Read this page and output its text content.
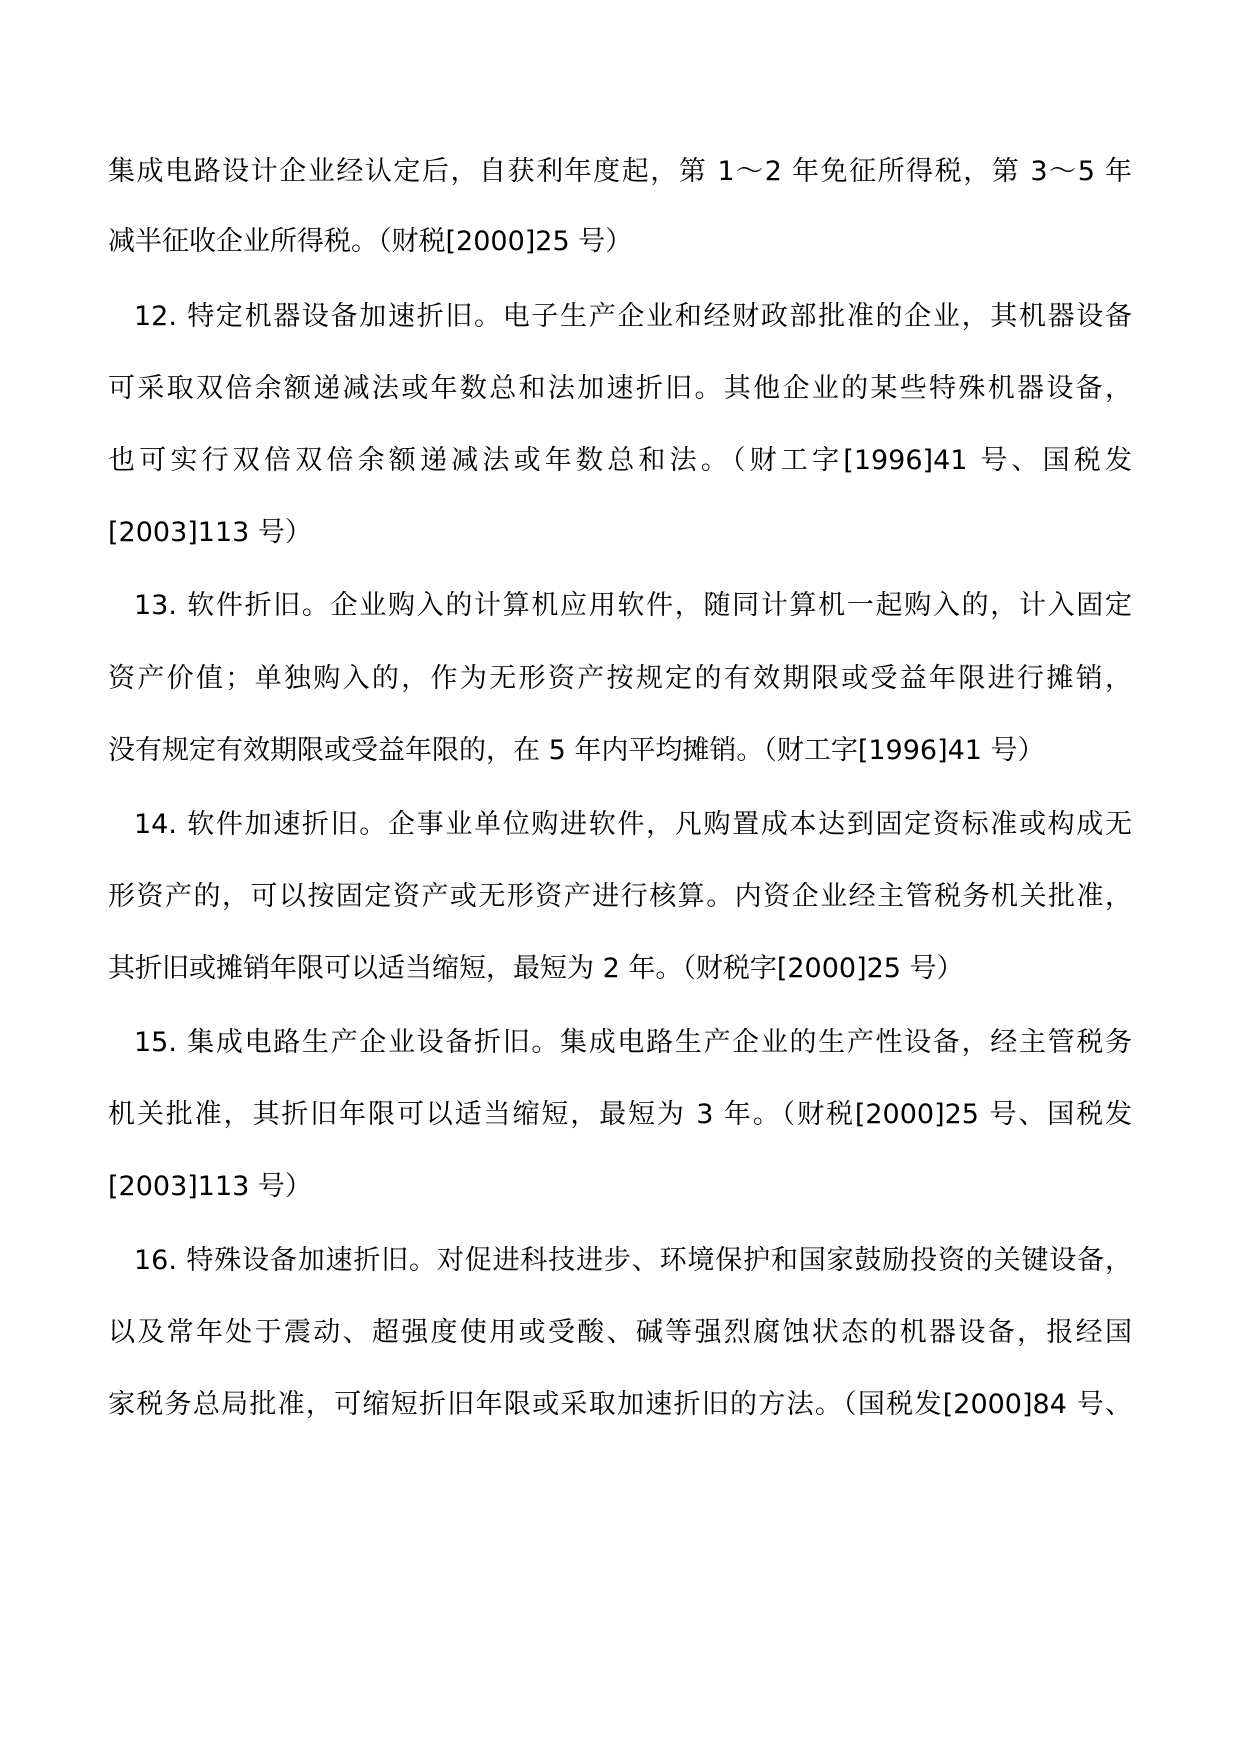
集成电路设计企业经认定后，自获利年度起，第 1～2 年免征所得税，第 3～5 年
减半征收企业所得税。（财税[2000]25 号）
12. 特定机器设备加速折旧。电子生产企业和经财政部批准的企业，其机器设备
可采取双倍余额递减法或年数总和法加速折旧。其他企业的某些特殊机器设备，
也可实行双倍双倍余额递减法或年数总和法。（财工字[1996]41 号、国税发
[2003]113 号）
13. 软件折旧。企业购入的计算机应用软件，随同计算机一起购入的，计入固定
资产价值；单独购入的，作为无形资产按规定的有效期限或受益年限进行摊销，
没有规定有效期限或受益年限的，在 5 年内平均摊销。（财工字[1996]41 号）
14. 软件加速折旧。企事业单位购进软件，凡购置成本达到固定资标准或构成无
形资产的，可以按固定资产或无形资产进行核算。内资企业经主管税务机关批准，
其折旧或摊销年限可以适当缩短，最短为 2 年。（财税字[2000]25 号）
15. 集成电路生产企业设备折旧。集成电路生产企业的生产性设备，经主管税务
机关批准，其折旧年限可以适当缩短，最短为 3 年。（财税[2000]25 号、国税发
[2003]113 号）
16. 特殊设备加速折旧。对促进科技进步、环境保护和国家鼓励投资的关键设备，
以及常年处于震动、超强度使用或受酸、碱等强烈腐蚀状态的机器设备，报经国
家税务总局批准，可缩短折旧年限或采取加速折旧的方法。（国税发[2000]84 号、
